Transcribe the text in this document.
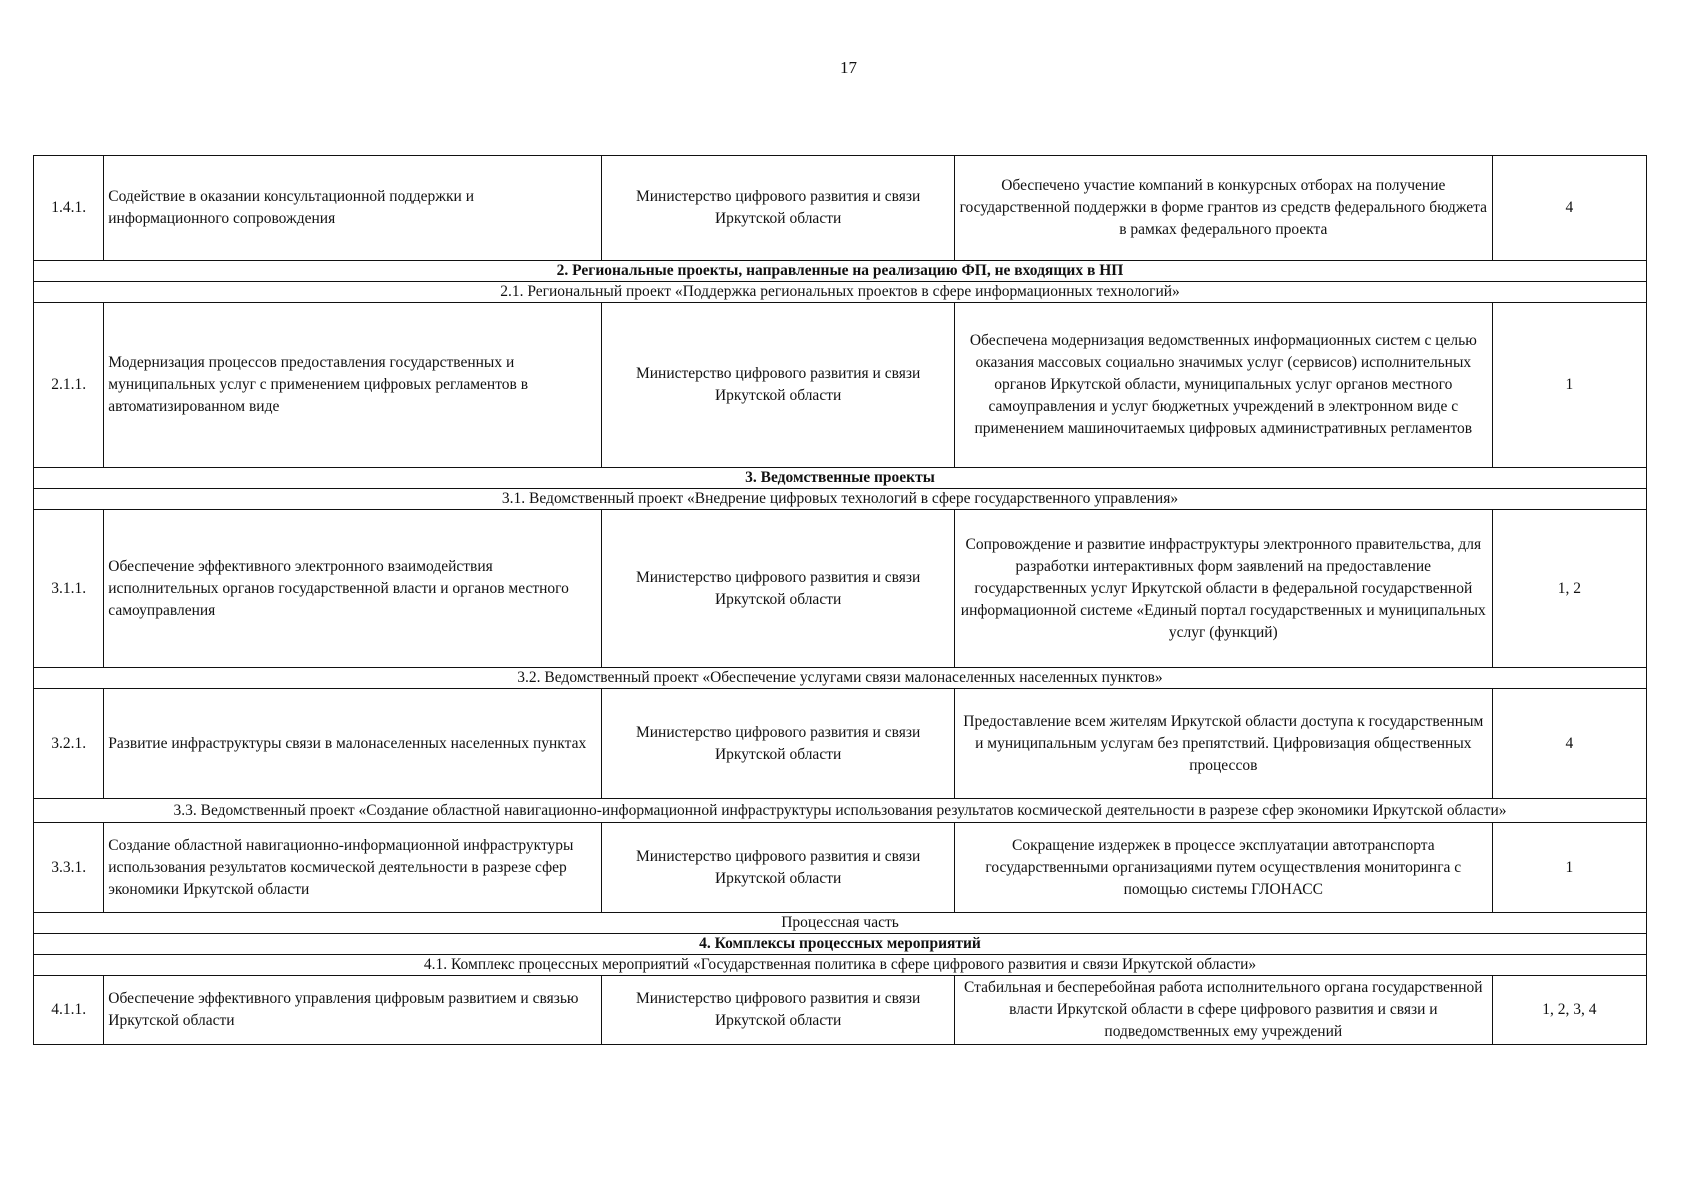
17
1.4.1.	Содействие в оказании консультационной поддержки и информационного сопровождения	Министерство цифрового развития и связи Иркутской области	Обеспечено участие компаний в конкурсных отборах на получение государственной поддержки в форме грантов из средств федерального бюджета в рамках федерального проекта	4
2. Региональные проекты, направленные на реализацию ФП, не входящих в НП				
2.1. Региональный проект «Поддержка региональных проектов в сфере информационных технологий»				
2.1.1.	Модернизация процессов предоставления государственных и муниципальных услуг с применением цифровых регламентов в автоматизированном виде	Министерство цифрового развития и связи Иркутской области	Обеспечена модернизация ведомственных информационных систем с целью оказания массовых социально значимых услуг (сервисов) исполнительных органов Иркутской области, муниципальных услуг органов местного самоуправления и услуг бюджетных учреждений в электронном виде с применением машиночитаемых цифровых административных регламентов	1
3. Ведомственные проекты				
3.1. Ведомственный проект «Внедрение цифровых технологий в сфере государственного управления»				
3.1.1.	Обеспечение эффективного электронного взаимодействия исполнительных органов государственной власти и органов местного самоуправления	Министерство цифрового развития и связи Иркутской области	Сопровождение и развитие инфраструктуры электронного правительства, для разработки интерактивных форм заявлений на предоставление государственных услуг Иркутской области в федеральной государственной информационной системе «Единый портал государственных и муниципальных услуг (функций)	1, 2
3.2. Ведомственный проект «Обеспечение услугами связи малонаселенных населенных пунктов»				
3.2.1.	Развитие инфраструктуры связи в малонаселенных населенных пунктах	Министерство цифрового развития и связи Иркутской области	Предоставление всем жителям Иркутской области доступа к государственным и муниципальным услугам без препятствий. Цифровизация общественных процессов	4
3.3. Ведомственный проект «Создание областной навигационно-информационной инфраструктуры использования результатов космической деятельности в разрезе сфер экономики Иркутской области»				
3.3.1.	Создание областной навигационно-информационной инфраструктуры использования результатов космической деятельности в разрезе сфер экономики Иркутской области	Министерство цифрового развития и связи Иркутской области	Сокращение издержек в процессе эксплуатации автотранспорта государственными организациями путем осуществления мониторинга с помощью системы ГЛОНАСС	1
Процессная часть				
4. Комплексы процессных мероприятий				
4.1. Комплекс процессных мероприятий «Государственная политика в сфере цифрового развития и связи Иркутской области»				
4.1.1.	Обеспечение эффективного управления цифровым развитием и связью Иркутской области	Министерство цифрового развития и связи Иркутской области	Стабильная и бесперебойная работа исполнительного органа государственной власти Иркутской области в сфере цифрового развития и связи и подведомственных ему учреждений	1, 2, 3, 4
